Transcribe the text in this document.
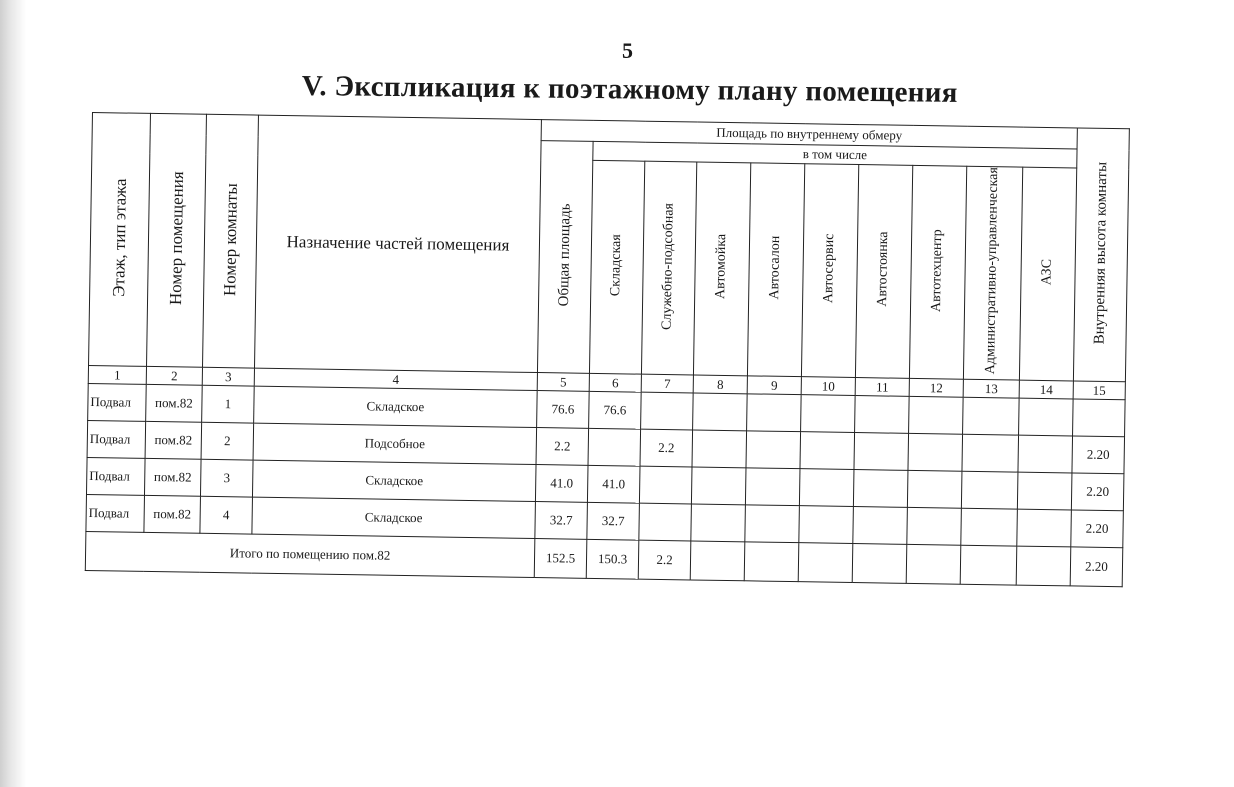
5
V. Экспликация к поэтажному плану помещения
Этаж, тип этажа	Номер помещения	Номер комнаты	Назначение частей помещения	Площадь по внутреннему обмеру										Внутренняя высота комнаты
				Общая площадь	в том числе									
					Складская	Служебно-подсобная	Автомойка	Автосалон	Автосервис	Автостоянка	Автотехцентр	Административно-управленческая	АЗС	
1	2	3	4	5	6	7	8	9	10	11	12	13	14	15
Подвал	пом.82	1	Складское	76.6	76.6									
Подвал	пом.82	2	Подсобное	2.2		2.2								2.20
Подвал	пом.82	3	Складское	41.0	41.0									2.20
Подвал	пом.82	4	Складское	32.7	32.7									2.20
Итого по помещению пом.82				152.5	150.3	2.2								2.20
